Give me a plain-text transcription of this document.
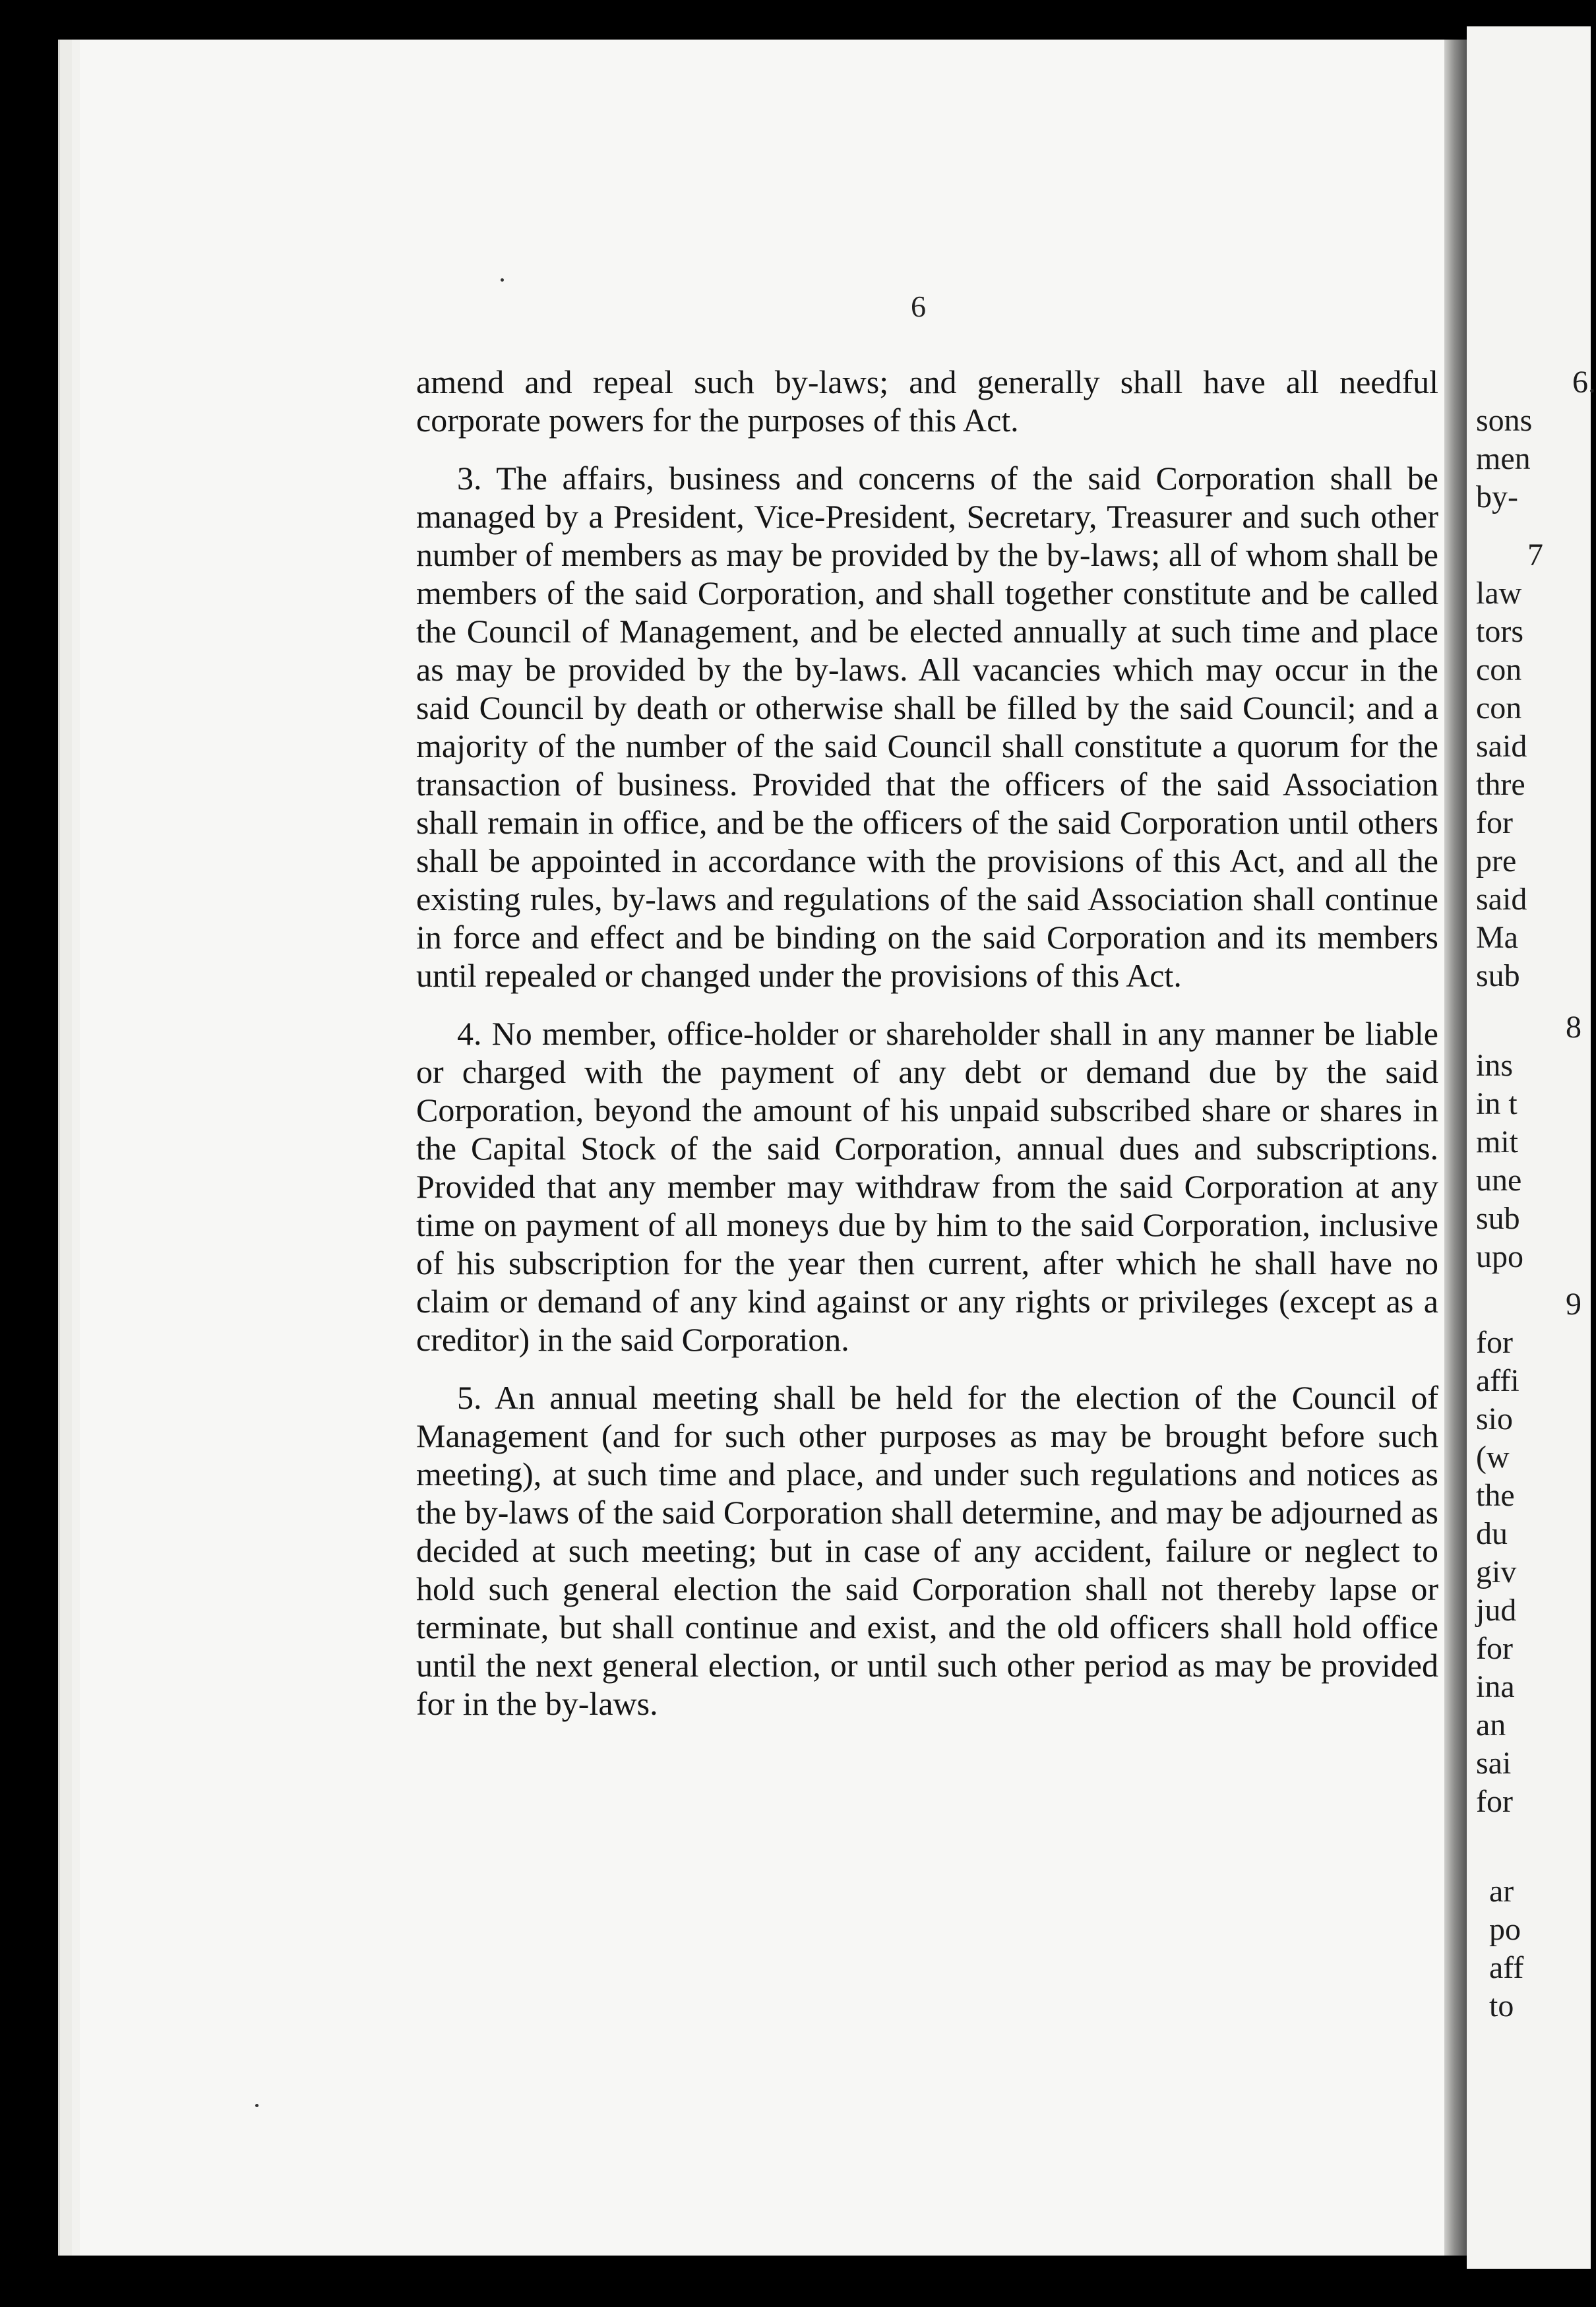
6

amend and repeal such by-laws; and generally shall have all needful corporate powers for the purposes of this Act.

3. The affairs, business and concerns of the said Corporation shall be managed by a President, Vice-President, Secretary, Treasurer and such other number of members as may be provided by the by-laws; all of whom shall be members of the said Corporation, and shall together constitute and be called the Council of Management, and be elected annually at such time and place as may be provided by the by-laws. All vacancies which may occur in the said Council by death or otherwise shall be filled by the said Council; and a majority of the number of the said Council shall constitute a quorum for the transaction of business. Provided that the officers of the said Association shall remain in office, and be the officers of the said Corporation until others shall be appointed in accordance with the provisions of this Act, and all the existing rules, by-laws and regulations of the said Association shall continue in force and effect and be binding on the said Corporation and its members until repealed or changed under the provisions of this Act.

4. No member, office-holder or shareholder shall in any manner be liable or charged with the payment of any debt or demand due by the said Corporation, beyond the amount of his unpaid subscribed share or shares in the Capital Stock of the said Corporation, annual dues and subscriptions. Provided that any member may withdraw from the said Corporation at any time on payment of all moneys due by him to the said Corporation, inclusive of his subscription for the year then current, after which he shall have no claim or demand of any kind against or any rights or privileges (except as a creditor) in the said Corporation.

5. An annual meeting shall be held for the election of the Council of Management (and for such other purposes as may be brought before such meeting), at such time and place, and under such regulations and notices as the by-laws of the said Corporation shall determine, and may be adjourned as decided at such meeting; but in case of any accident, failure or neglect to hold such general election the said Corporation shall not thereby lapse or terminate, but shall continue and exist, and the old officers shall hold office until the next general election, or until such other period as may be provided for in the by-laws.

6.
sons
men
by-
7
law
tors
con
con
said
thre
for
pre
said
Ma
sub
8
ins
in t
mit
une
sub
upo
9
for
affi
sio
(w
the
du
giv
jud
for
ina
an
sai
for
ar
po
aff
to
